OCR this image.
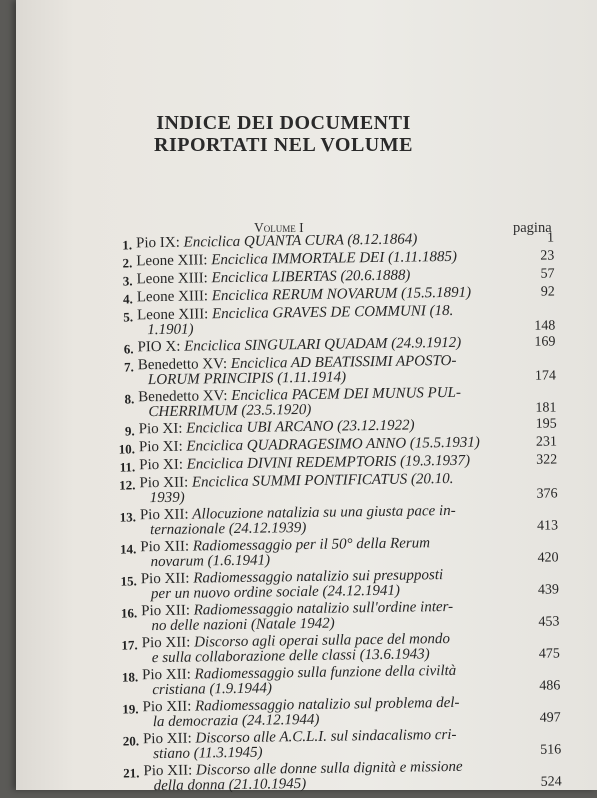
INDICE DEI DOCUMENTI
RIPORTATI NEL VOLUME
Volume I	pagina
1. Pio IX: Enciclica QUANTA CURA (8.12.1864)	1
2. Leone XIII: Enciclica IMMORTALE DEI (1.11.1885)	23
3. Leone XIII: Enciclica LIBERTAS (20.6.1888)	57
4. Leone XIII: Enciclica RERUM NOVARUM (15.5.1891)	92
5. Leone XIII: Enciclica GRAVES DE COMMUNI (18.
1.1901)	148
6. PIO X: Enciclica SINGULARI QUADAM (24.9.1912)	169
7. Benedetto XV: Enciclica AD BEATISSIMI APOSTO-
LORUM PRINCIPIS (1.11.1914)	174
8. Benedetto XV: Enciclica PACEM DEI MUNUS PUL-
CHERRIMUM (23.5.1920)	181
9. Pio XI: Enciclica UBI ARCANO (23.12.1922)	195
10. Pio XI: Enciclica QUADRAGESIMO ANNO (15.5.1931)	231
11. Pio XI: Enciclica DIVINI REDEMPTORIS (19.3.1937)	322
12. Pio XII: Enciclica SUMMI PONTIFICATUS (20.10.
1939)	376
13. Pio XII: Allocuzione natalizia su una giusta pace in-
ternazionale (24.12.1939)	413
14. Pio XII: Radiomessaggio per il 50° della Rerum
novarum (1.6.1941)	420
15. Pio XII: Radiomessaggio natalizio sui presupposti
per un nuovo ordine sociale (24.12.1941)	439
16. Pio XII: Radiomessaggio natalizio sull'ordine inter-
no delle nazioni (Natale 1942)	453
17. Pio XII: Discorso agli operai sulla pace del mondo
e sulla collaborazione delle classi (13.6.1943)	475
18. Pio XII: Radiomessaggio sulla funzione della civiltà
cristiana (1.9.1944)	486
19. Pio XII: Radiomessaggio natalizio sul problema del-
la democrazia (24.12.1944)	497
20. Pio XII: Discorso alle A.C.L.I. sul sindacalismo cri-
stiano (11.3.1945)	516
21. Pio XII: Discorso alle donne sulla dignità e missione
della donna (21.10.1945)	524
